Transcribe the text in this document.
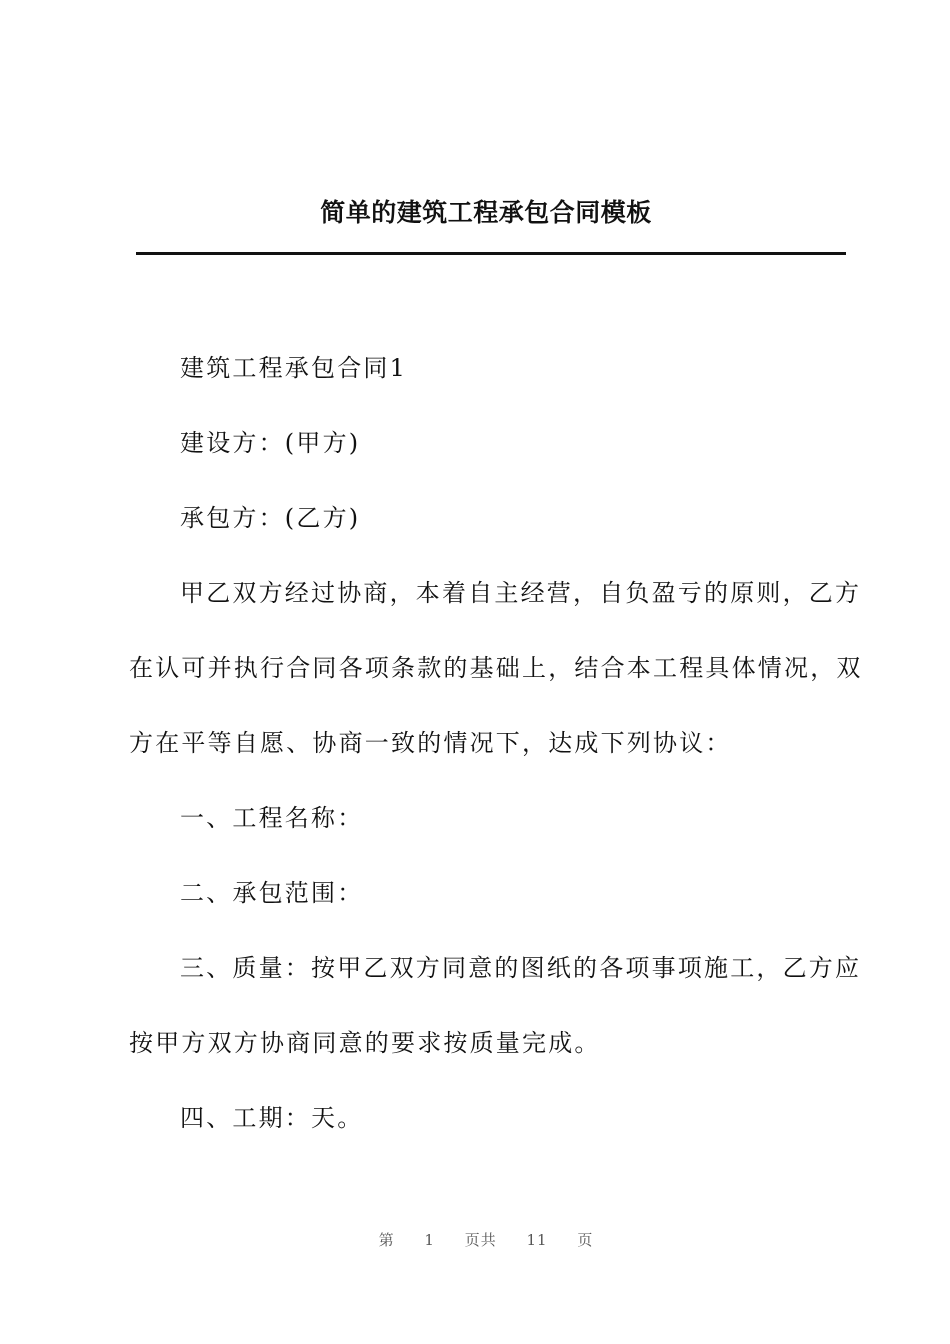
简单的建筑工程承包合同模板

建筑工程承包合同1

建设方：(甲方)

承包方：(乙方)

甲乙双方经过协商，本着自主经营，自负盈亏的原则，乙方

在认可并执行合同各项条款的基础上，结合本工程具体情况，双

方在平等自愿、协商一致的情况下，达成下列协议：

一、工程名称：

二、承包范围：

三、质量：按甲乙双方同意的图纸的各项事项施工，乙方应

按甲方双方协商同意的要求按质量完成。

四、工期：天。

第 1 页共 11 页
